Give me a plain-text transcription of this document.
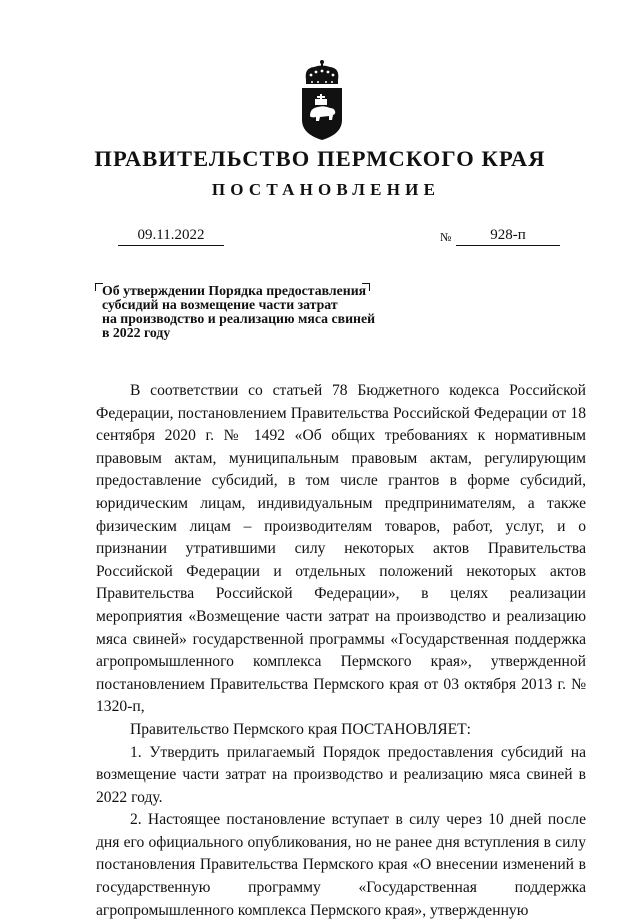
ПРАВИТЕЛЬСТВО ПЕРМСКОГО КРАЯ
ПОСТАНОВЛЕНИЕ
09.11.2022	№	928-п
Об утверждении Порядка предоставления
субсидий на возмещение части затрат
на производство и реализацию мяса свиней
в 2022 году

В соответствии со статьей 78 Бюджетного кодекса Российской Федерации, постановлением Правительства Российской Федерации от 18 сентября 2020 г. № 1492 «Об общих требованиях к нормативным правовым актам, муниципальным правовым актам, регулирующим предоставление субсидий, в том числе грантов в форме субсидий, юридическим лицам, индивидуальным предпринимателям, а также физическим лицам – производителям товаров, работ, услуг, и о признании утратившими силу некоторых актов Правительства Российской Федерации и отдельных положений некоторых актов Правительства Российской Федерации», в целях реализации мероприятия «Возмещение части затрат на производство и реализацию мяса свиней» государственной программы «Государственная поддержка агропромышленного комплекса Пермского края», утвержденной постановлением Правительства Пермского края от 03 октября 2013 г. № 1320-п,

Правительство Пермского края ПОСТАНОВЛЯЕТ:

1. Утвердить прилагаемый Порядок предоставления субсидий на возмещение части затрат на производство и реализацию мяса свиней в 2022 году.

2. Настоящее постановление вступает в силу через 10 дней после дня его официального опубликования, но не ранее дня вступления в силу постановления Правительства Пермского края «О внесении изменений в государственную программу «Государственная поддержка агропромышленного комплекса Пермского края», утвержденную
